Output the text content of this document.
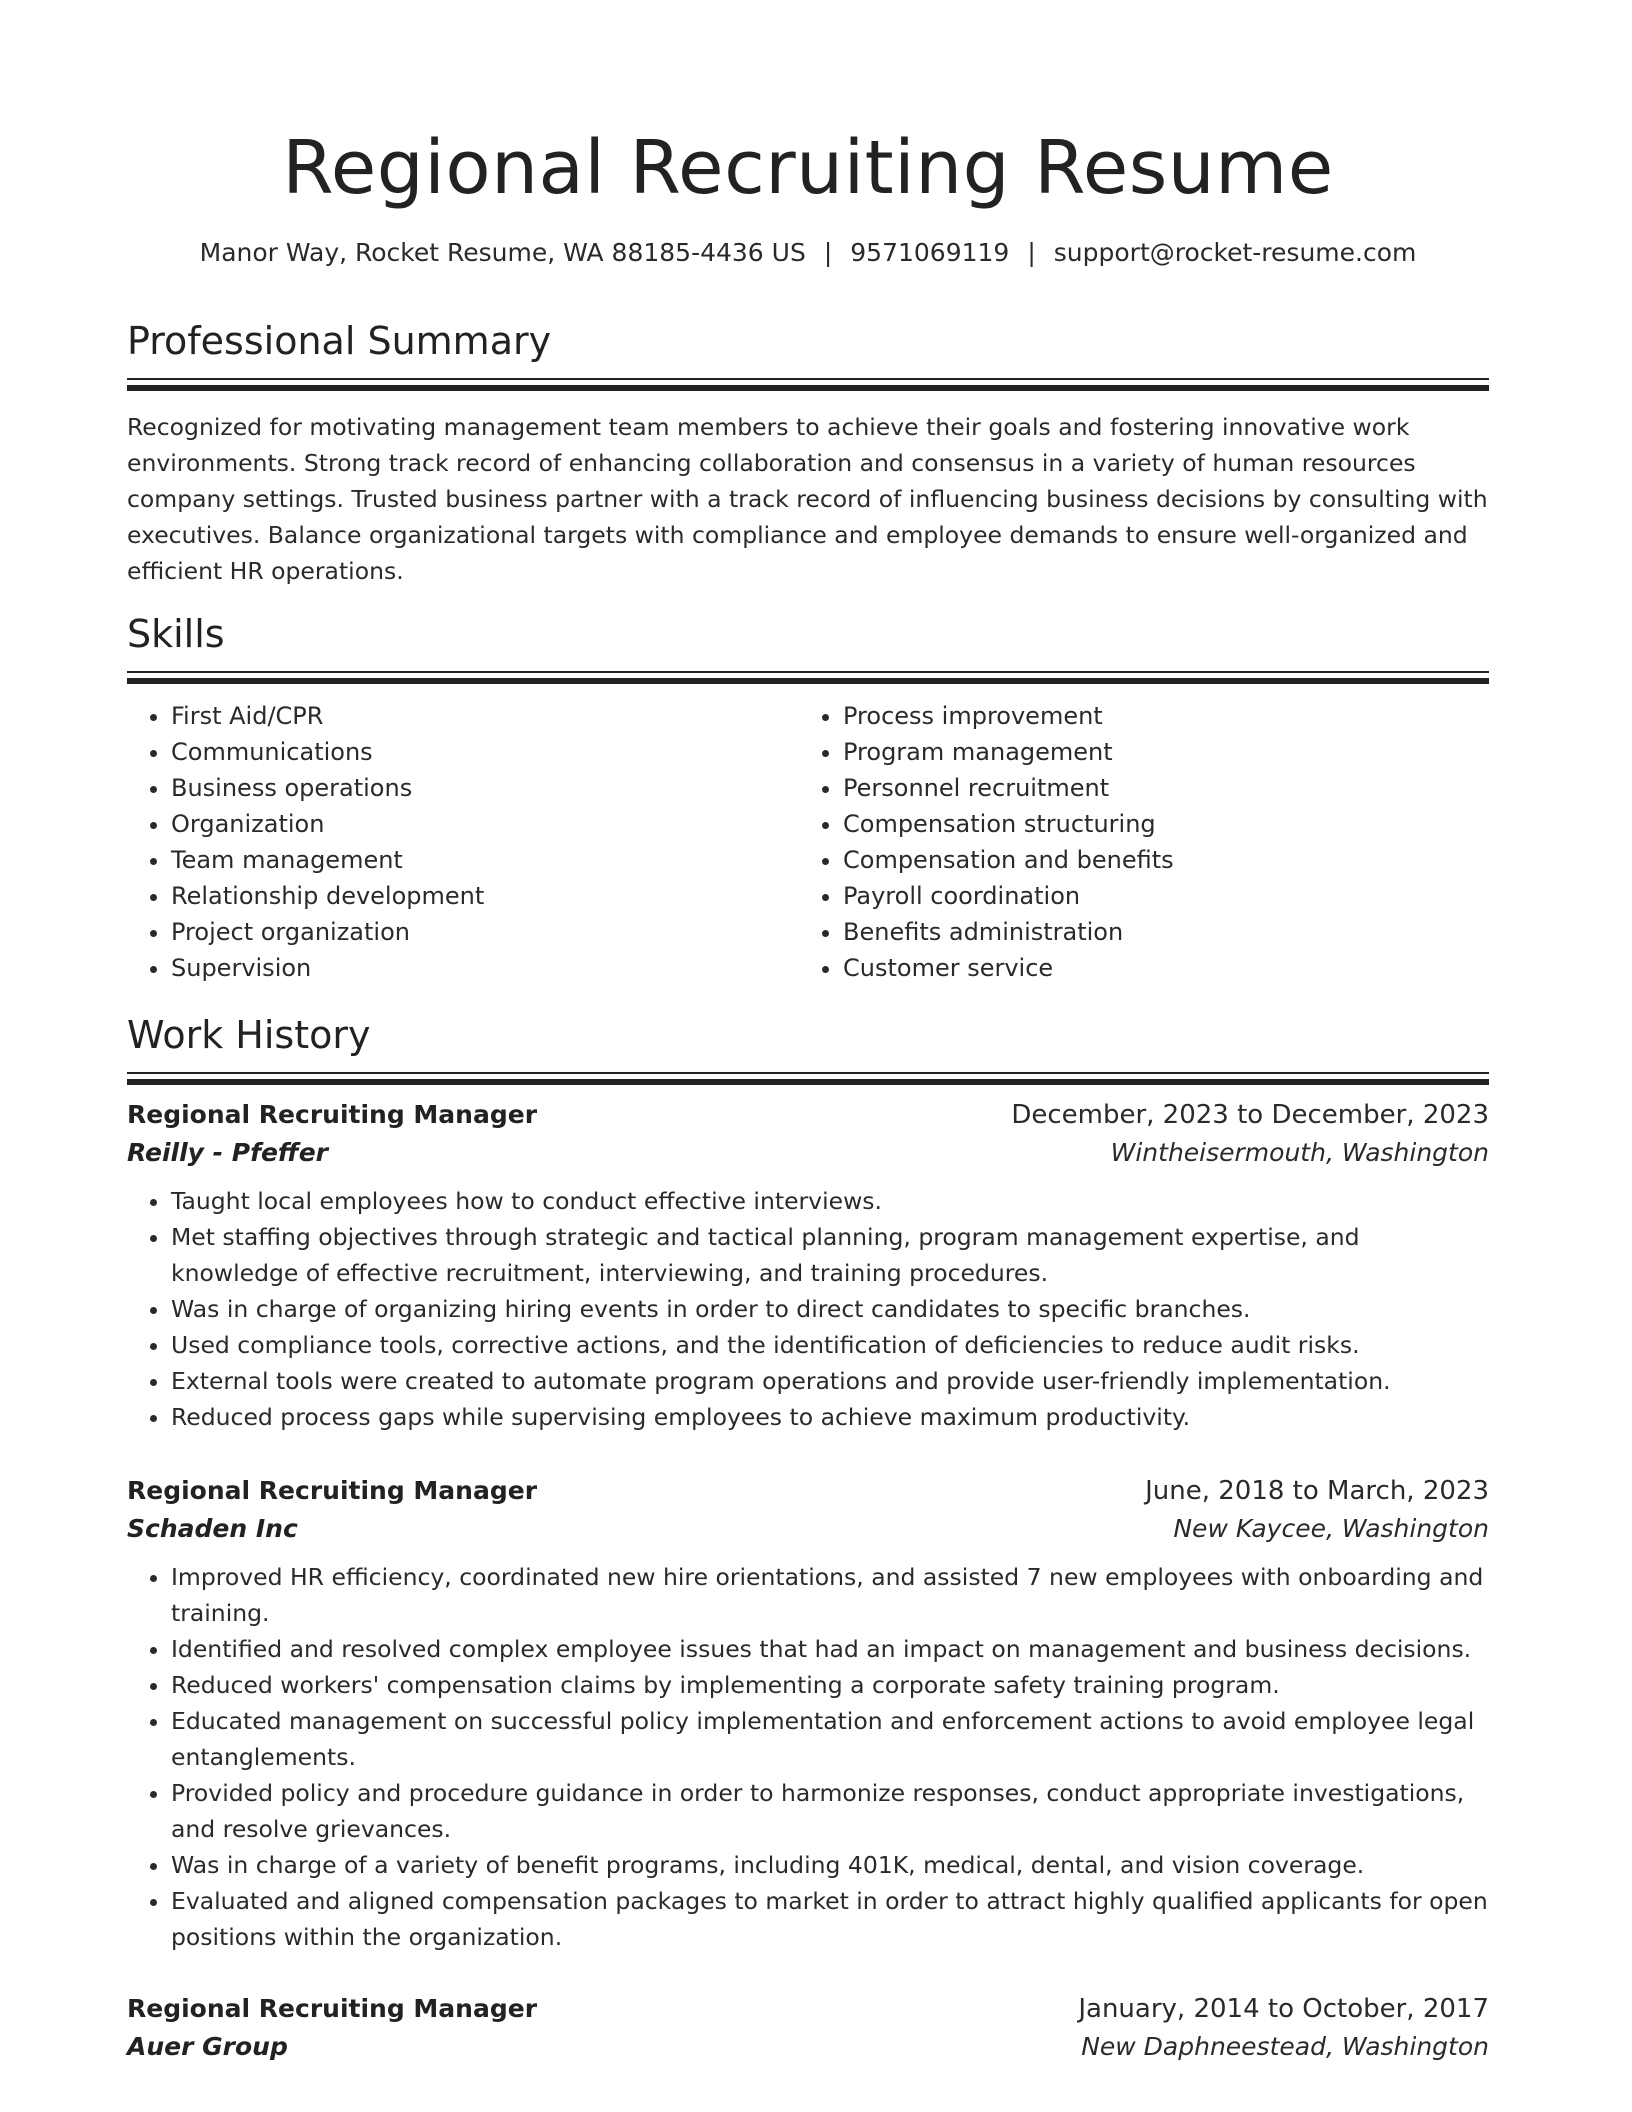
Regional Recruiting Resume
Manor Way, Rocket Resume, WA 88185-4436 US | 9571069119 | support@rocket-resume.com
Professional Summary

Recognized for motivating management team members to achieve their goals and fostering innovative work environments. Strong track record of enhancing collaboration and consensus in a variety of human resources company settings. Trusted business partner with a track record of influencing business decisions by consulting with executives. Balance organizational targets with compliance and employee demands to ensure well-organized and efficient HR operations.

Skills
• First Aid/CPR
• Communications
• Business operations
• Organization
• Team management
• Relationship development
• Project organization
• Supervision
• Process improvement
• Program management
• Personnel recruitment
• Compensation structuring
• Compensation and benefits
• Payroll coordination
• Benefits administration
• Customer service
Work History
Regional Recruiting Manager	December, 2023 to December, 2023
Reilly - Pfeffer	Wintheisermouth, Washington
• Taught local employees how to conduct effective interviews.
• Met staffing objectives through strategic and tactical planning, program management expertise, and knowledge of effective recruitment, interviewing, and training procedures.
• Was in charge of organizing hiring events in order to direct candidates to specific branches.
• Used compliance tools, corrective actions, and the identification of deficiencies to reduce audit risks.
• External tools were created to automate program operations and provide user-friendly implementation.
• Reduced process gaps while supervising employees to achieve maximum productivity.
Regional Recruiting Manager	June, 2018 to March, 2023
Schaden Inc	New Kaycee, Washington
• Improved HR efficiency, coordinated new hire orientations, and assisted 7 new employees with onboarding and training.
• Identified and resolved complex employee issues that had an impact on management and business decisions.
• Reduced workers' compensation claims by implementing a corporate safety training program.
• Educated management on successful policy implementation and enforcement actions to avoid employee legal entanglements.
• Provided policy and procedure guidance in order to harmonize responses, conduct appropriate investigations, and resolve grievances.
• Was in charge of a variety of benefit programs, including 401K, medical, dental, and vision coverage.
• Evaluated and aligned compensation packages to market in order to attract highly qualified applicants for open positions within the organization.
Regional Recruiting Manager	January, 2014 to October, 2017
Auer Group	New Daphneestead, Washington
